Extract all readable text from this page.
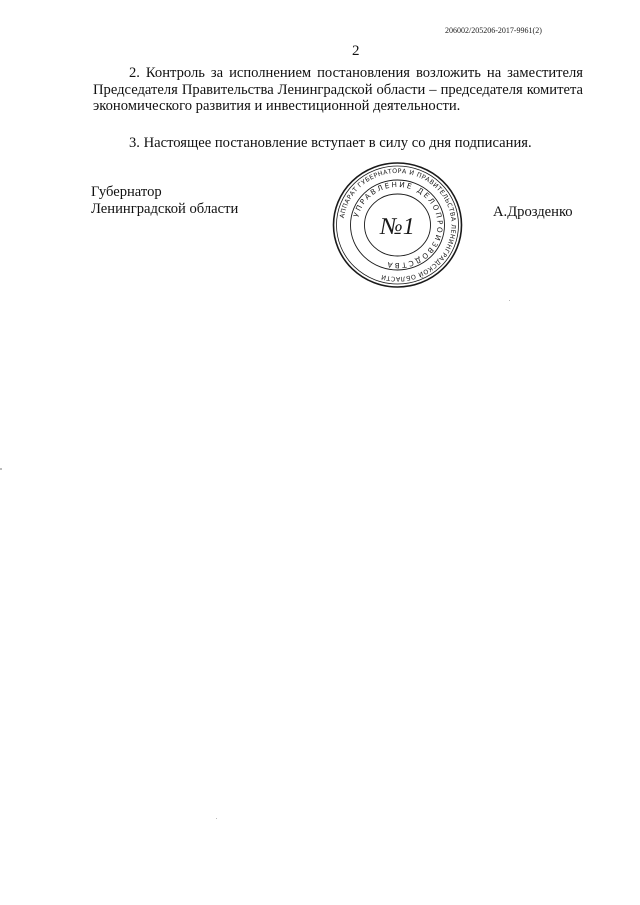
206002/205206-2017-9961(2)
2

2. Контроль за исполнением постановления возложить на заместителя Председателя Правительства Ленинградской области – председателя комитета экономического развития и инвестиционной деятельности.

3. Настоящее постановление вступает в силу со дня подписания.

Губернатор
Ленинградской области	АППАРАТ ГУБЕРНАТОРА И ПРАВИТЕЛЬСТВА ЛЕНИНГРАДСКОЙ ОБЛАСТИ
УПРАВЛЕНИЕ ДЕЛОПРОИЗВОДСТВА
№1
А.Дрозденко
